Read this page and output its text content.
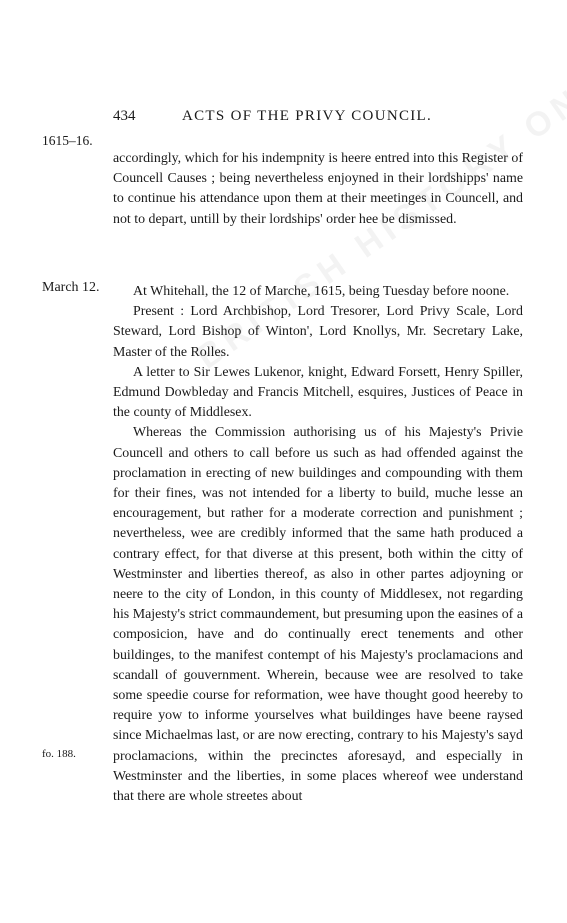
434	ACTS OF THE PRIVY COUNCIL.
1615–16.
March 12.
fo. 188.

accordingly, which for his indempnity is heere entred into this Register of Councell Causes ; being nevertheless enjoyned in their lordshipps' name to continue his attendance upon them at their meetinges in Councell, and not to depart, untill by their lordships' order hee be dismissed.

At Whitehall, the 12 of Marche, 1615, being Tuesday before noone.

Present : Lord Archbishop, Lord Tresorer, Lord Privy Scale, Lord Steward, Lord Bishop of Winton', Lord Knollys, Mr. Secretary Lake, Master of the Rolles.

A letter to Sir Lewes Lukenor, knight, Edward Forsett, Henry Spiller, Edmund Dowbleday and Francis Mitchell, esquires, Justices of Peace in the county of Middlesex.

Whereas the Commission authorising us of his Majesty's Privie Councell and others to call before us such as had offended against the proclamation in erecting of new buildinges and compounding with them for their fines, was not intended for a liberty to build, muche lesse an encouragement, but rather for a moderate correction and punishment ; nevertheless, wee are credibly informed that the same hath produced a contrary effect, for that diverse at this present, both within the citty of Westminster and liberties thereof, as also in other partes adjoyning or neere to the city of London, in this county of Middlesex, not regarding his Majesty's strict commaundement, but presuming upon the easines of a composicion, have and do continually erect tenements and other buildinges, to the manifest contempt of his Majesty's proclamacions and scandall of gouvernment. Wherein, because wee are resolved to take some speedie course for reformation, wee have thought good heereby to require yow to informe yourselves what buildinges have beene raysed since Michaelmas last, or are now erecting, contrary to his Majesty's sayd proclamacions, within the precinctes aforesayd, and especially in Westminster and the liberties, in some places whereof wee understand that there are whole streetes about
